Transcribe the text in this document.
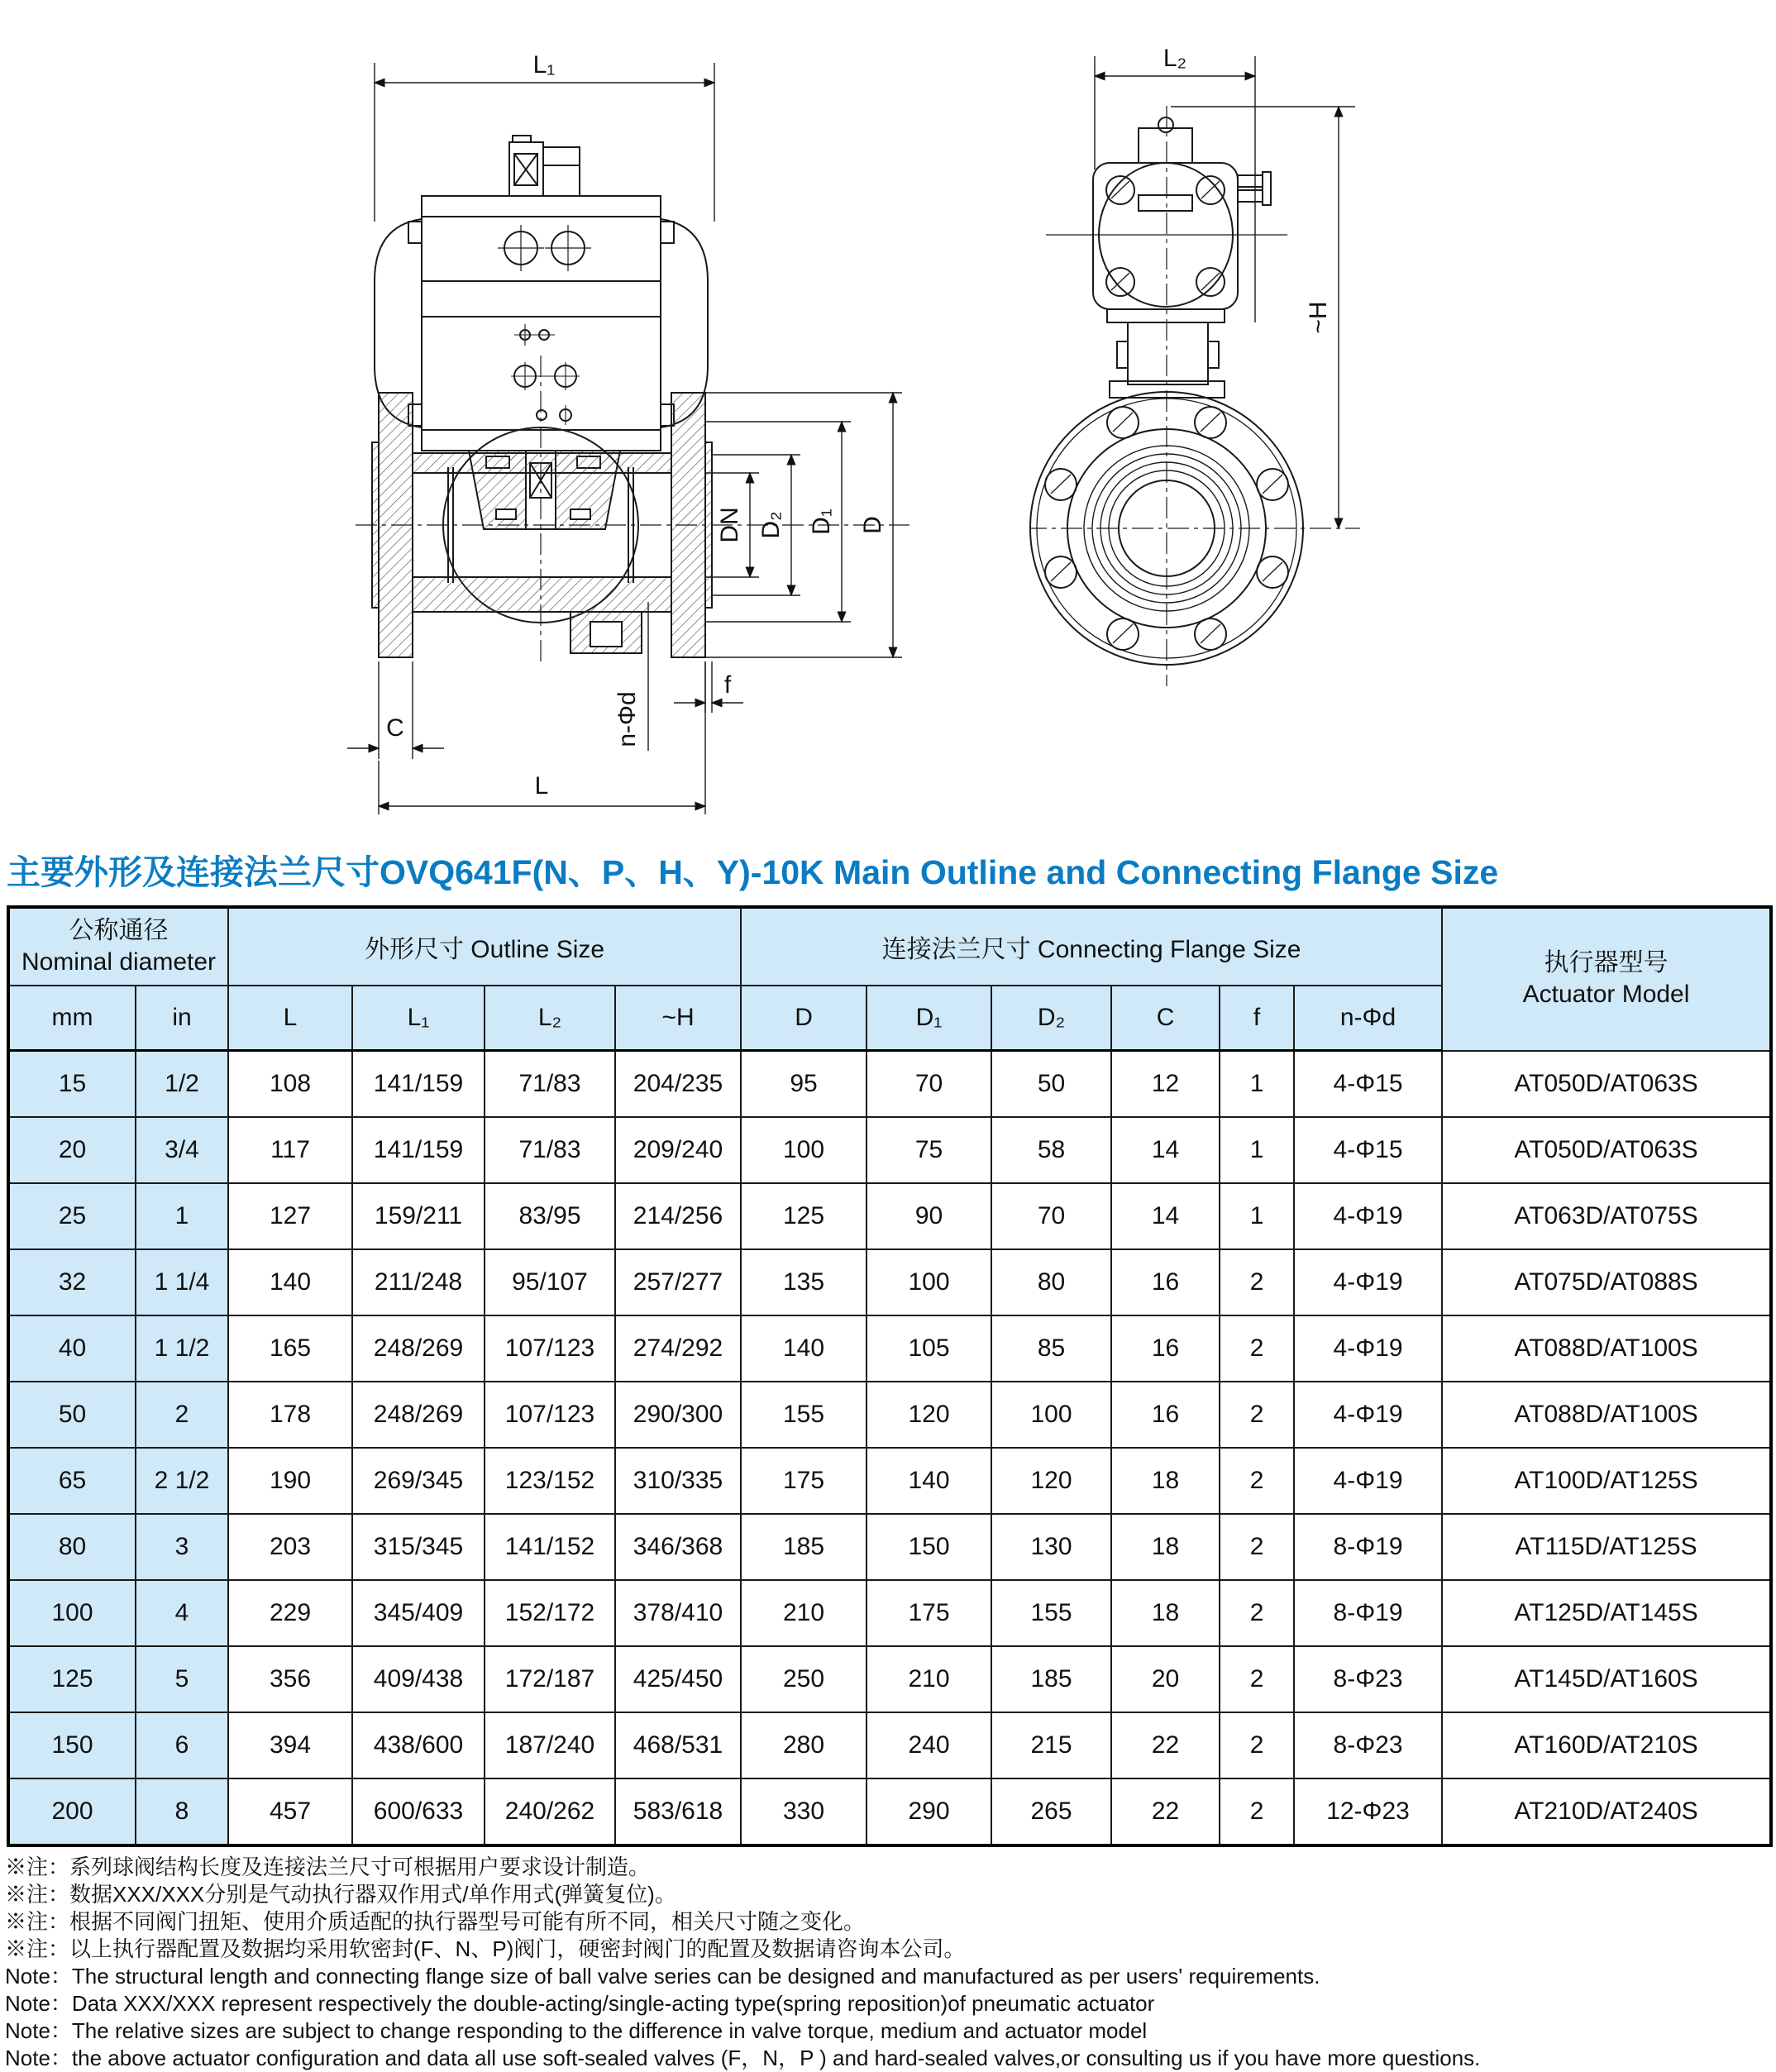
L₁
DN D₂ D₁ D
C
L
f
n-Φd
L₂
~H
主要外形及连接法兰尺寸OVQ641F(N、P、H、Y)-10K Main Outline and Connecting Flange Size
公称通径
Nominal diameter	外形尺寸 Outline Size	连接法兰尺寸 Connecting Flange Size	执行器型号
Actuator Model

mm	in	L	L₁	L₂	~H	D	D₁	D₂	C	f	n-Φd	
15	1/2	108	141/159	71/83	204/235	95	70	50	12	1	4-Φ15	AT050D/AT063S
20	3/4	117	141/159	71/83	209/240	100	75	58	14	1	4-Φ15	AT050D/AT063S
25	1	127	159/211	83/95	214/256	125	90	70	14	1	4-Φ19	AT063D/AT075S
32	1 1/4	140	211/248	95/107	257/277	135	100	80	16	2	4-Φ19	AT075D/AT088S
40	1 1/2	165	248/269	107/123	274/292	140	105	85	16	2	4-Φ19	AT088D/AT100S
50	2	178	248/269	107/123	290/300	155	120	100	16	2	4-Φ19	AT088D/AT100S
65	2 1/2	190	269/345	123/152	310/335	175	140	120	18	2	4-Φ19	AT100D/AT125S
80	3	203	315/345	141/152	346/368	185	150	130	18	2	8-Φ19	AT115D/AT125S
100	4	229	345/409	152/172	378/410	210	175	155	18	2	8-Φ19	AT125D/AT145S
125	5	356	409/438	172/187	425/450	250	210	185	20	2	8-Φ23	AT145D/AT160S
150	6	394	438/600	187/240	468/531	280	240	215	22	2	8-Φ23	AT160D/AT210S
200	8	457	600/633	240/262	583/618	330	290	265	22	2	12-Φ23	AT210D/AT240S
※注：系列球阀结构长度及连接法兰尺寸可根据用户要求设计制造。
※注：数据XXX/XXX分别是气动执行器双作用式/单作用式(弹簧复位)。
※注：根据不同阀门扭矩、使用介质适配的执行器型号可能有所不同，相关尺寸随之变化。
※注：以上执行器配置及数据均采用软密封(F、N、P)阀门，硬密封阀门的配置及数据请咨询本公司。
Note：The structural length and connecting flange size of ball valve series can be designed and manufactured as per users' requirements.
Note：Data XXX/XXX represent respectively the double-acting/single-acting type(spring reposition)of pneumatic actuator
Note：The relative sizes are subject to change responding to the difference in valve torque, medium and actuator model
Note：the above actuator configuration and data all use soft-sealed valves (F，N，P ) and hard-sealed valves,or consulting us if you have more questions.
